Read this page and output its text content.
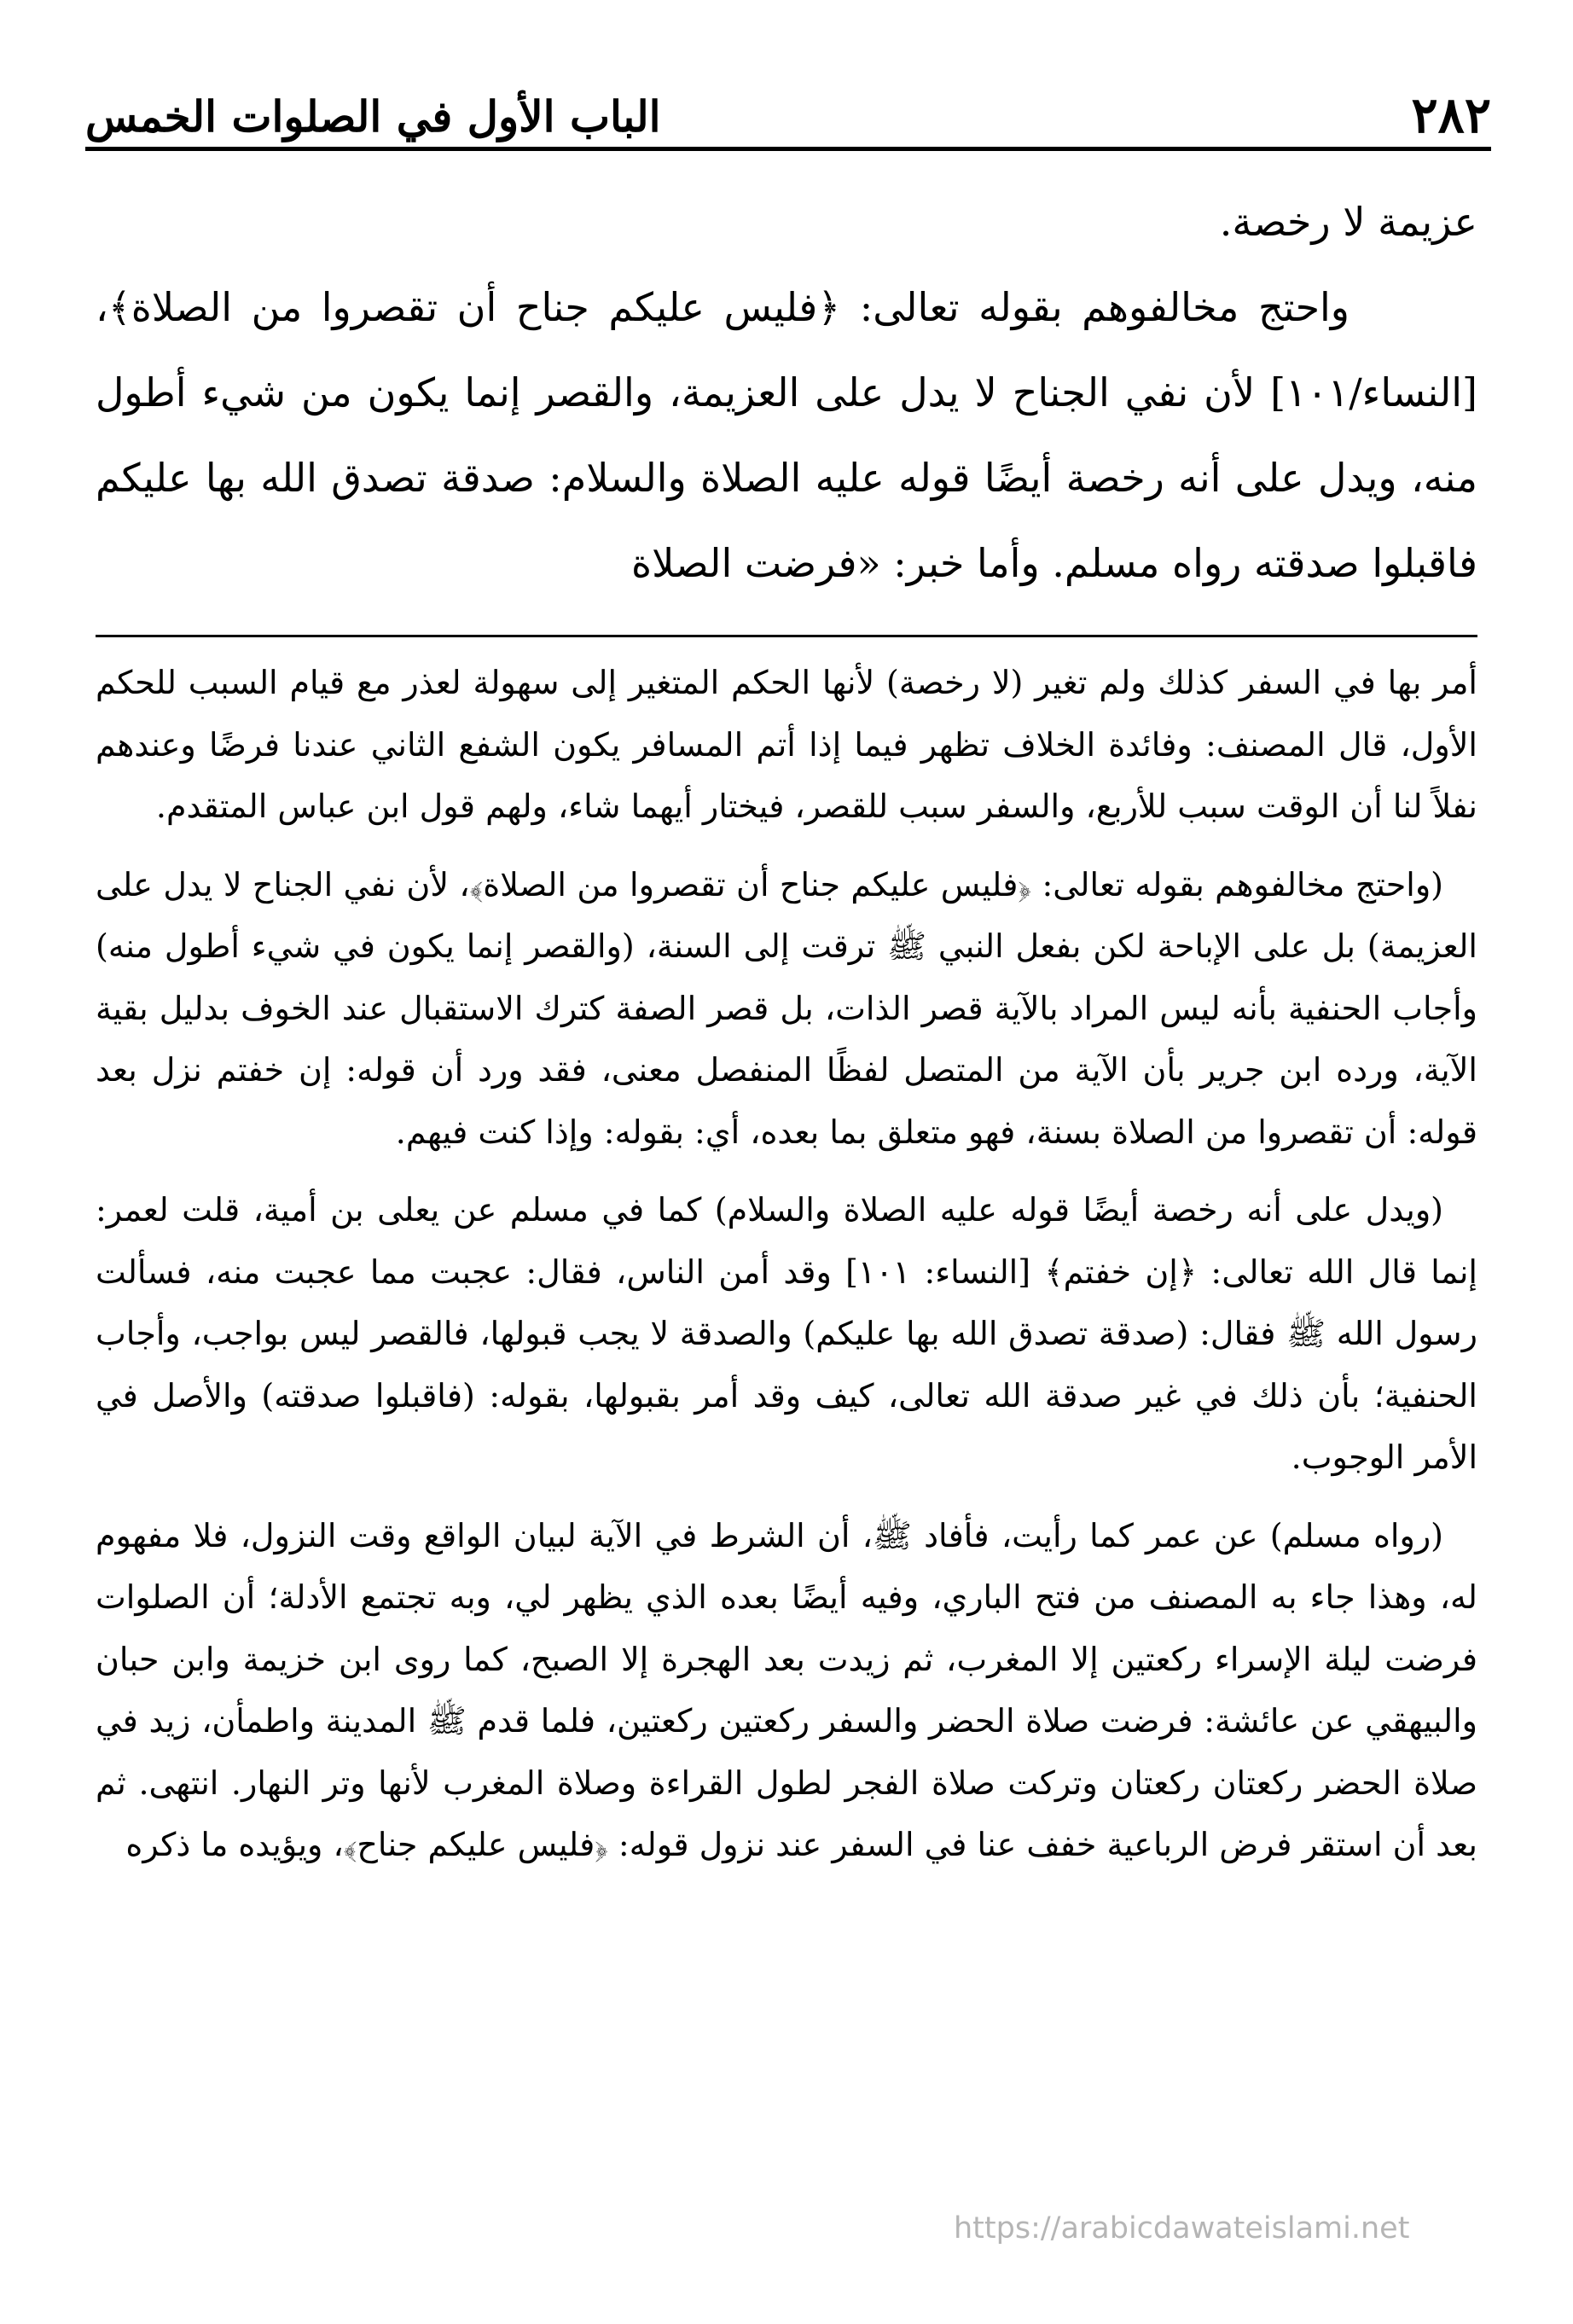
٢٨٢
الباب الأول في الصلوات الخمس

عزيمة لا رخصة.

واحتج مخالفوهم بقوله تعالى: ﴿فليس عليكم جناح أن تقصروا من الصلاة﴾، [النساء/١٠١] لأن نفي الجناح لا يدل على العزيمة، والقصر إنما يكون من شيء أطول منه، ويدل على أنه رخصة أيضًا قوله عليه الصلاة والسلام: صدقة تصدق الله بها عليكم فاقبلوا صدقته رواه مسلم. وأما خبر: «فرضت الصلاة

أمر بها في السفر كذلك ولم تغير (لا رخصة) لأنها الحكم المتغير إلى سهولة لعذر مع قيام السبب للحكم الأول، قال المصنف: وفائدة الخلاف تظهر فيما إذا أتم المسافر يكون الشفع الثاني عندنا فرضًا وعندهم نفلاً لنا أن الوقت سبب للأربع، والسفر سبب للقصر، فيختار أيهما شاء، ولهم قول ابن عباس المتقدم.

(واحتج مخالفوهم بقوله تعالى: ﴿فليس عليكم جناح أن تقصروا من الصلاة﴾، لأن نفي الجناح لا يدل على العزيمة) بل على الإباحة لكن بفعل النبي ﷺ ترقت إلى السنة، (والقصر إنما يكون في شيء أطول منه) وأجاب الحنفية بأنه ليس المراد بالآية قصر الذات، بل قصر الصفة كترك الاستقبال عند الخوف بدليل بقية الآية، ورده ابن جرير بأن الآية من المتصل لفظًا المنفصل معنى، فقد ورد أن قوله: إن خفتم نزل بعد قوله: أن تقصروا من الصلاة بسنة، فهو متعلق بما بعده، أي: بقوله: وإذا كنت فيهم.

(ويدل على أنه رخصة أيضًا قوله عليه الصلاة والسلام) كما في مسلم عن يعلى بن أمية، قلت لعمر: إنما قال الله تعالى: ﴿إن خفتم﴾ [النساء: ١٠١] وقد أمن الناس، فقال: عجبت مما عجبت منه، فسألت رسول الله ﷺ فقال: (صدقة تصدق الله بها عليكم) والصدقة لا يجب قبولها، فالقصر ليس بواجب، وأجاب الحنفية؛ بأن ذلك في غير صدقة الله تعالى، كيف وقد أمر بقبولها، بقوله: (فاقبلوا صدقته) والأصل في الأمر الوجوب.

(رواه مسلم) عن عمر كما رأيت، فأفاد ﷺ، أن الشرط في الآية لبيان الواقع وقت النزول، فلا مفهوم له، وهذا جاء به المصنف من فتح الباري، وفيه أيضًا بعده الذي يظهر لي، وبه تجتمع الأدلة؛ أن الصلوات فرضت ليلة الإسراء ركعتين إلا المغرب، ثم زيدت بعد الهجرة إلا الصبح، كما روى ابن خزيمة وابن حبان والبيهقي عن عائشة: فرضت صلاة الحضر والسفر ركعتين ركعتين، فلما قدم ﷺ المدينة واطمأن، زيد في صلاة الحضر ركعتان ركعتان وتركت صلاة الفجر لطول القراءة وصلاة المغرب لأنها وتر النهار. انتهى. ثم بعد أن استقر فرض الرباعية خفف عنا في السفر عند نزول قوله: ﴿فليس عليكم جناح﴾، ويؤيده ما ذكره

https://arabicdawateislami.net
